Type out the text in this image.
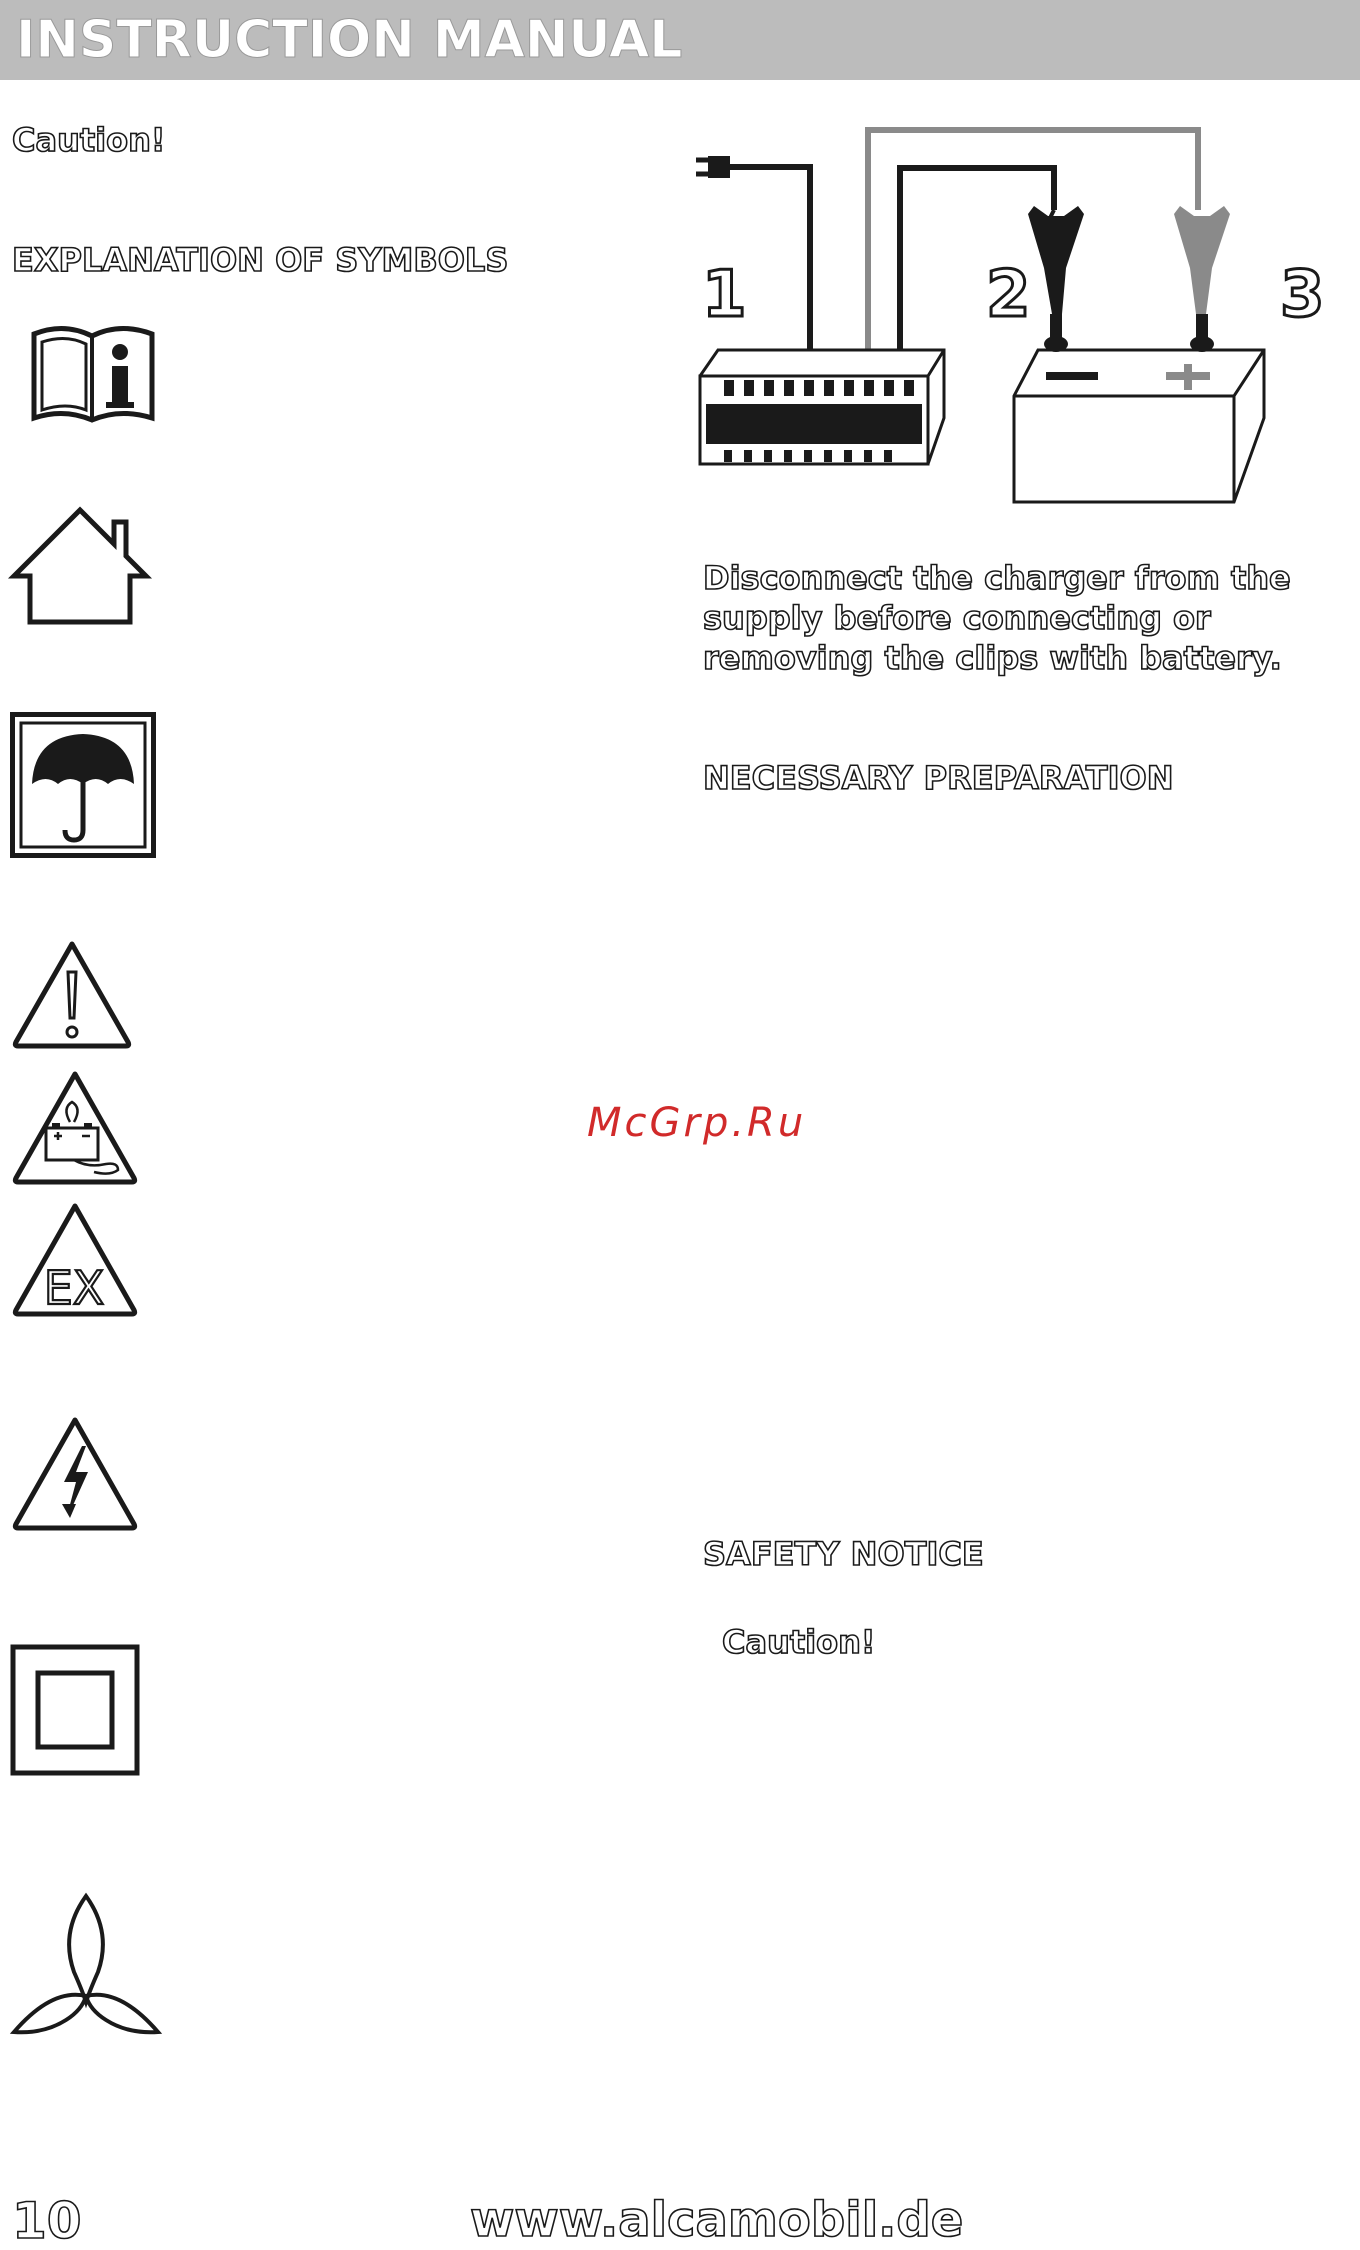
INSTRUCTION MANUAL
Caution!
EXPLANATION OF SYMBOLS
EX
1	2	3
Disconnect the charger from the supply before connecting or removing the clips with battery.
NECESSARY PREPARATION
SAFETY NOTICE
Caution!
McGrp.Ru
10	www.alcamobil.de
